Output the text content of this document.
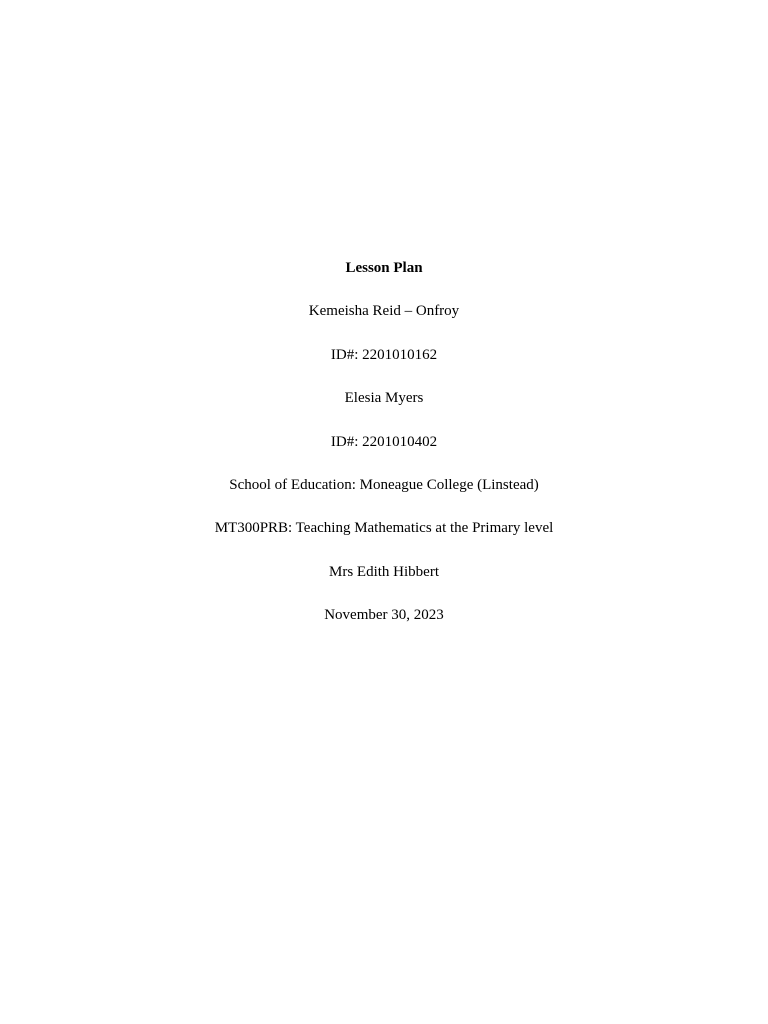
Lesson Plan
Kemeisha Reid – Onfroy
ID#: 2201010162
Elesia Myers
ID#: 2201010402
School of Education: Moneague College (Linstead)
MT300PRB: Teaching Mathematics at the Primary level
Mrs Edith Hibbert
November 30, 2023
